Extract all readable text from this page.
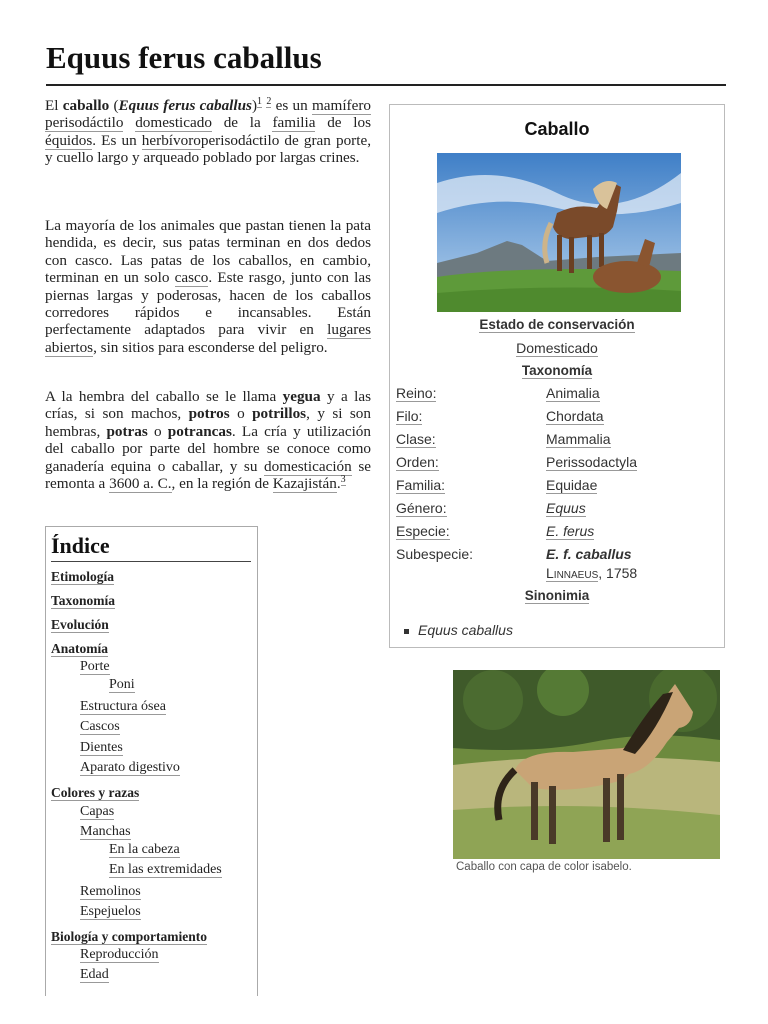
Equus ferus caballus

El caballo (Equus ferus caballus)$^1$ $^2$ es un mamífero perisodáctilo domesticado de la familia de los équidos. Es un herbívoroperisodáctilo de gran porte, y cuello largo y arqueado poblado por largas crines.

La mayoría de los animales que pastan tienen la pata hendida, es decir, sus patas terminan en dos dedos con casco. Las patas de los caballos, en cambio, terminan en un solo casco. Este rasgo, junto con las piernas largas y poderosas, hacen de los caballos corredores rápidos e incansables. Están perfectamente adaptados para vivir en lugares abiertos, sin sitios para esconderse del peligro.

A la hembra del caballo se le llama yegua y a las crías, si son machos, potros o potrillos, y si son hembras, potras o potrancas. La cría y utilización del caballo por parte del hombre se conoce como ganadería equina o caballar, y su domesticación se remonta a 3600 a. C., en la región de Kazajistán.$^3$

Caballo
Estado de conservación
Domesticado
Taxonomía
Reino:	Animalia
Filo:	Chordata
Clase:	Mammalia
Orden:	Perissodactyla
Familia:	Equidae
Género:	Equus
Especie:	E. ferus
Subespecie:	E. f. caballus
Linnaeus, 1758
Sinonimia
Equus caballus
Caballo con capa de color isabelo.
Índice
Etimología
Taxonomía
Evolución
Anatomía
Porte
Poni
Estructura ósea
Cascos
Dientes
Aparato digestivo
Colores y razas
Capas
Manchas
En la cabeza
En las extremidades
Remolinos
Espejuelos
Biología y comportamiento
Reproducción
Edad
